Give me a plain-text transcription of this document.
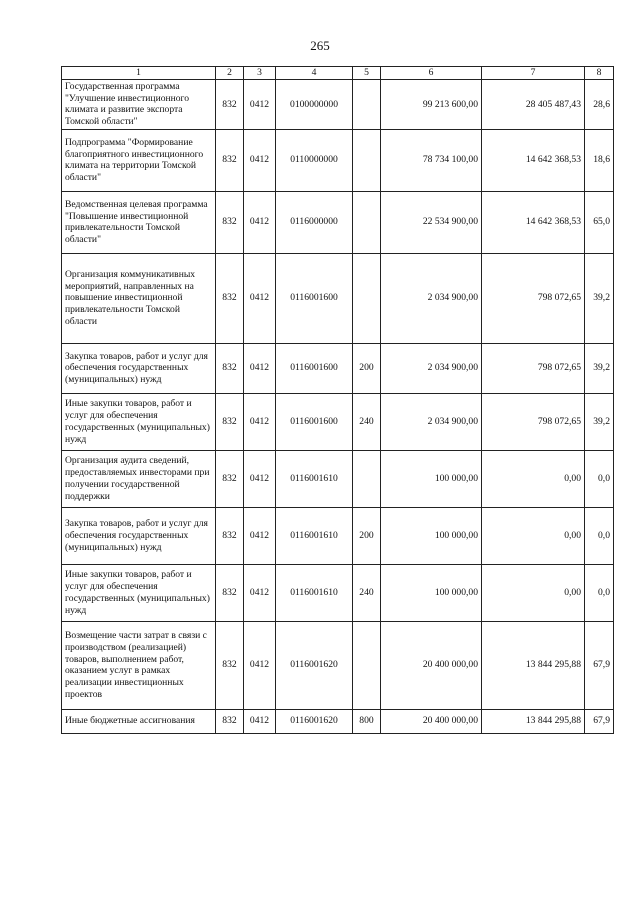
265
1	2	3	4	5	6	7	8
Государственная программа "Улучшение инвестиционного климата и развитие экспорта Томской области"	832	0412	0100000000		99 213 600,00	28 405 487,43	28,6
Подпрограмма "Формирование благоприятного инвестиционного климата на территории Томской области"	832	0412	0110000000		78 734 100,00	14 642 368,53	18,6
Ведомственная целевая программа "Повышение инвестиционной привлекательности Томской области"	832	0412	0116000000		22 534 900,00	14 642 368,53	65,0
Организация коммуникативных мероприятий, направленных на повышение инвестиционной привлекательности Томской области	832	0412	0116001600		2 034 900,00	798 072,65	39,2
Закупка товаров, работ и услуг для обеспечения государственных (муниципальных) нужд	832	0412	0116001600	200	2 034 900,00	798 072,65	39,2
Иные закупки товаров, работ и услуг для обеспечения государственных (муниципальных) нужд	832	0412	0116001600	240	2 034 900,00	798 072,65	39,2
Организация аудита сведений, предоставляемых инвесторами при получении государственной поддержки	832	0412	0116001610		100 000,00	0,00	0,0
Закупка товаров, работ и услуг для обеспечения государственных (муниципальных) нужд	832	0412	0116001610	200	100 000,00	0,00	0,0
Иные закупки товаров, работ и услуг для обеспечения государственных (муниципальных) нужд	832	0412	0116001610	240	100 000,00	0,00	0,0
Возмещение части затрат в связи с производством (реализацией) товаров, выполнением работ, оказанием услуг в рамках реализации инвестиционных проектов	832	0412	0116001620		20 400 000,00	13 844 295,88	67,9
Иные бюджетные ассигнования	832	0412	0116001620	800	20 400 000,00	13 844 295,88	67,9
